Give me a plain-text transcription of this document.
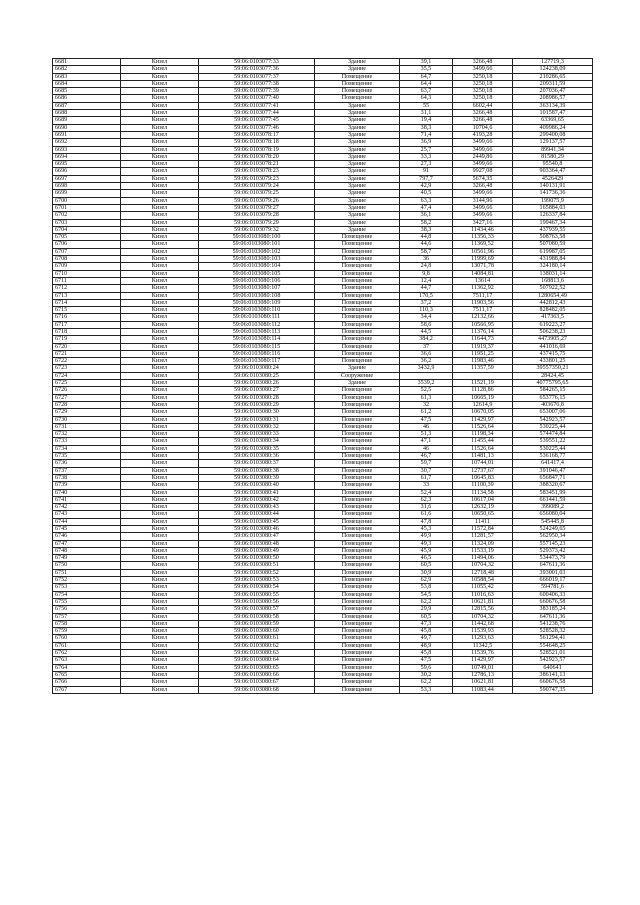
6681	Кизел	59:06:0103077:33	Здание	39,1	3266,48	127719,3
6682	Кизел	59:06:0103077:36	Здание	35,5	3499,66	124238,09
6683	Кизел	59:06:0103077:37	Помещение	64,7	3250,18	210286,65
6684	Кизел	59:06:0103077:38	Помещение	64,4	3250,18	209311,59
6685	Кизел	59:06:0103077:39	Помещение	63,7	3250,18	207036,47
6686	Кизел	59:06:0103077:40	Помещение	64,3	3250,18	208986,57
6687	Кизел	59:06:0103077:41	Здание	55	6602,44	363134,39
6688	Кизел	59:06:0103077:44	Здание	31,1	3266,48	101587,47
6689	Кизел	59:06:0103077:45	Здание	19,4	3266,48	63369,65
6690	Кизел	59:06:0103077:46	Здание	38,3	10704,6	409986,24
6691	Кизел	59:06:0103078:17	Здание	71,4	4193,28	299400,08
6692	Кизел	59:06:0103078:18	Здание	36,9	3499,66	129137,57
6693	Кизел	59:06:0103078:19	Здание	25,7	3499,66	89941,34
6694	Кизел	59:06:0103078:20	Здание	33,3	2449,86	81580,29
6695	Кизел	59:06:0103078:21	Здание	27,3	3499,66	95540,8
6696	Кизел	59:06:0103078:23	Здание	91	9927,08	903364,47
6697	Кизел	59:06:0103079:23	Здание	797,7	5674,35	4526429
6698	Кизел	59:06:0103079:24	Здание	42,9	3266,48	140131,91
6699	Кизел	59:06:0103079:25	Здание	40,5	3499,66	141736,36
6700	Кизел	59:06:0103079:26	Здание	63,3	3144,96	199075,9
6701	Кизел	59:06:0103079:27	Здание	47,4	3499,66	165884,03
6702	Кизел	59:06:0103079:28	Здание	36,1	3499,66	126337,84
6703	Кизел	59:06:0103079:29	Здание	58,2	3427,16	199467,34
6704	Кизел	59:06:0103079:32	Здание	38,3	11434,46	437939,55
6705	Кизел	59:06:0103080:100	Помещение	44,8	11356,33	508763,58
6706	Кизел	59:06:0103080:101	Помещение	44,6	11369,52	507080,59
6707	Кизел	59:06:0103080:102	Помещение	58,7	10561,96	619987,05
6708	Кизел	59:06:0103080:103	Помещение	36	11999,69	431988,84
6709	Кизел	59:06:0103080:104	Помещение	24,8	13071,78	324180,14
6710	Кизел	59:06:0103080:105	Помещение	9,8	14084,81	138031,14
6711	Кизел	59:06:0103080:106	Помещение	12,4	13614	168813,6
6712	Кизел	59:06:0103080:107	Помещение	44,7	11362,92	507922,52
6713	Кизел	59:06:0103080:108	Помещение	170,5	7511,17	1280654,49
6714	Кизел	59:06:0103080:109	Помещение	37,2	11903,56	442812,43
6715	Кизел	59:06:0103080:110	Помещение	110,3	7511,17	828482,05
6716	Кизел	59:06:0103080:111	Помещение	34,4	12132,66	417363,5
6717	Кизел	59:06:0103080:112	Помещение	58,6	10566,95	619223,27
6718	Кизел	59:06:0103080:113	Помещение	44,5	11376,14	506238,23
6719	Кизел	59:06:0103080:114	Помещение	384,2	11644,73	4473905,27
6720	Кизел	59:06:0103080:115	Помещение	37	11919,37	441016,69
6721	Кизел	59:06:0103080:116	Помещение	36,6	11951,25	437415,75
6722	Кизел	59:06:0103080:117	Помещение	36,2	11983,46	433801,25
6723	Кизел	59:06:0103080:24	Здание	3432,9	11357,59	39557350,21
6724	Кизел	59:06:0103080:25	Сооружение			28424,45
6725	Кизел	59:06:0103080:26	Здание	3539,2	11521,19	40775795,65
6726	Кизел	59:06:0103080:27	Помещение	52,5	11128,86	584265,15
6727	Кизел	59:06:0103080:28	Помещение	61,3	10665,19	653776,15
6728	Кизел	59:06:0103080:29	Помещение	32	12614,9	403676,8
6729	Кизел	59:06:0103080:30	Помещение	61,2	10670,05	653007,06
6730	Кизел	59:06:0103080:31	Помещение	47,5	11429,97	542923,57
6731	Кизел	59:06:0103080:32	Помещение	46	11526,64	530225,44
6732	Кизел	59:06:0103080:33	Помещение	51,3	11198,34	574474,84
6733	Кизел	59:06:0103080:34	Помещение	47,1	11455,44	539551,22
6734	Кизел	59:06:0103080:35	Помещение	46	11526,64	530225,44
6735	Кизел	59:06:0103080:36	Помещение	46,7	11481,13	536168,77
6736	Кизел	59:06:0103080:37	Помещение	59,7	10744,01	641417,4
6737	Кизел	59:06:0103080:38	Помещение	30,7	12737,67	391046,47
6738	Кизел	59:06:0103080:39	Помещение	61,7	10645,83	656847,71
6739	Кизел	59:06:0103080:40	Помещение	33	11100,39	388320,67
6740	Кизел	59:06:0103080:41	Помещение	52,4	11134,58	583451,99
6741	Кизел	59:06:0103080:42	Помещение	62,3	10617,04	661441,59
6742	Кизел	59:06:0103080:43	Помещение	31,6	12632,19	399089,2
6743	Кизел	59:06:0103080:44	Помещение	61,6	10650,65	656080,04
6744	Кизел	59:06:0103080:45	Помещение	47,8	11411	545445,8
6745	Кизел	59:06:0103080:46	Помещение	45,3	11572,84	524249,65
6746	Кизел	59:06:0103080:47	Помещение	49,9	11281,57	562950,34
6747	Кизел	59:06:0103080:48	Помещение	49,3	11324,09	557145,23
6748	Кизел	59:06:0103080:49	Помещение	45,9	11533,19	529373,42
6749	Кизел	59:06:0103080:50	Помещение	46,5	11494,06	534473,79
6750	Кизел	59:06:0103080:51	Помещение	60,5	10704,32	647611,36
6751	Кизел	59:06:0103080:52	Помещение	30,9	12718,48	393001,03
6752	Кизел	59:06:0103080:53	Помещение	62,9	10588,54	666019,17
6753	Кизел	59:06:0103080:54	Помещение	53,8	11055,42	594781,6
6754	Кизел	59:06:0103080:55	Помещение	54,5	11016,63	600406,33
6755	Кизел	59:06:0103080:56	Помещение	62,2	10621,81	660676,58
6756	Кизел	59:06:0103080:57	Помещение	29,9	12815,56	383185,24
6757	Кизел	59:06:0103080:58	Помещение	60,5	10704,32	647611,36
6758	Кизел	59:06:0103080:59	Помещение	47,3	11442,68	541238,76
6759	Кизел	59:06:0103080:60	Помещение	45,8	11539,93	528528,32
6760	Кизел	59:06:0103080:61	Помещение	49,7	11293,63	561294,41
6761	Кизел	59:06:0103080:62	Помещение	48,9	11342,5	554648,25
6762	Кизел	59:06:0103080:63	Помещение	45,8	11539,76	528521,01
6763	Кизел	59:06:0103080:64	Помещение	47,5	11429,97	542923,57
6764	Кизел	59:06:0103080:65	Помещение	59,6	10749,01	640641
6765	Кизел	59:06:0103080:66	Помещение	30,2	12786,13	386141,13
6766	Кизел	59:06:0103080:67	Помещение	62,2	10621,81	660676,58
6767	Кизел	59:06:0103080:68	Помещение	53,3	11083,44	590747,35
